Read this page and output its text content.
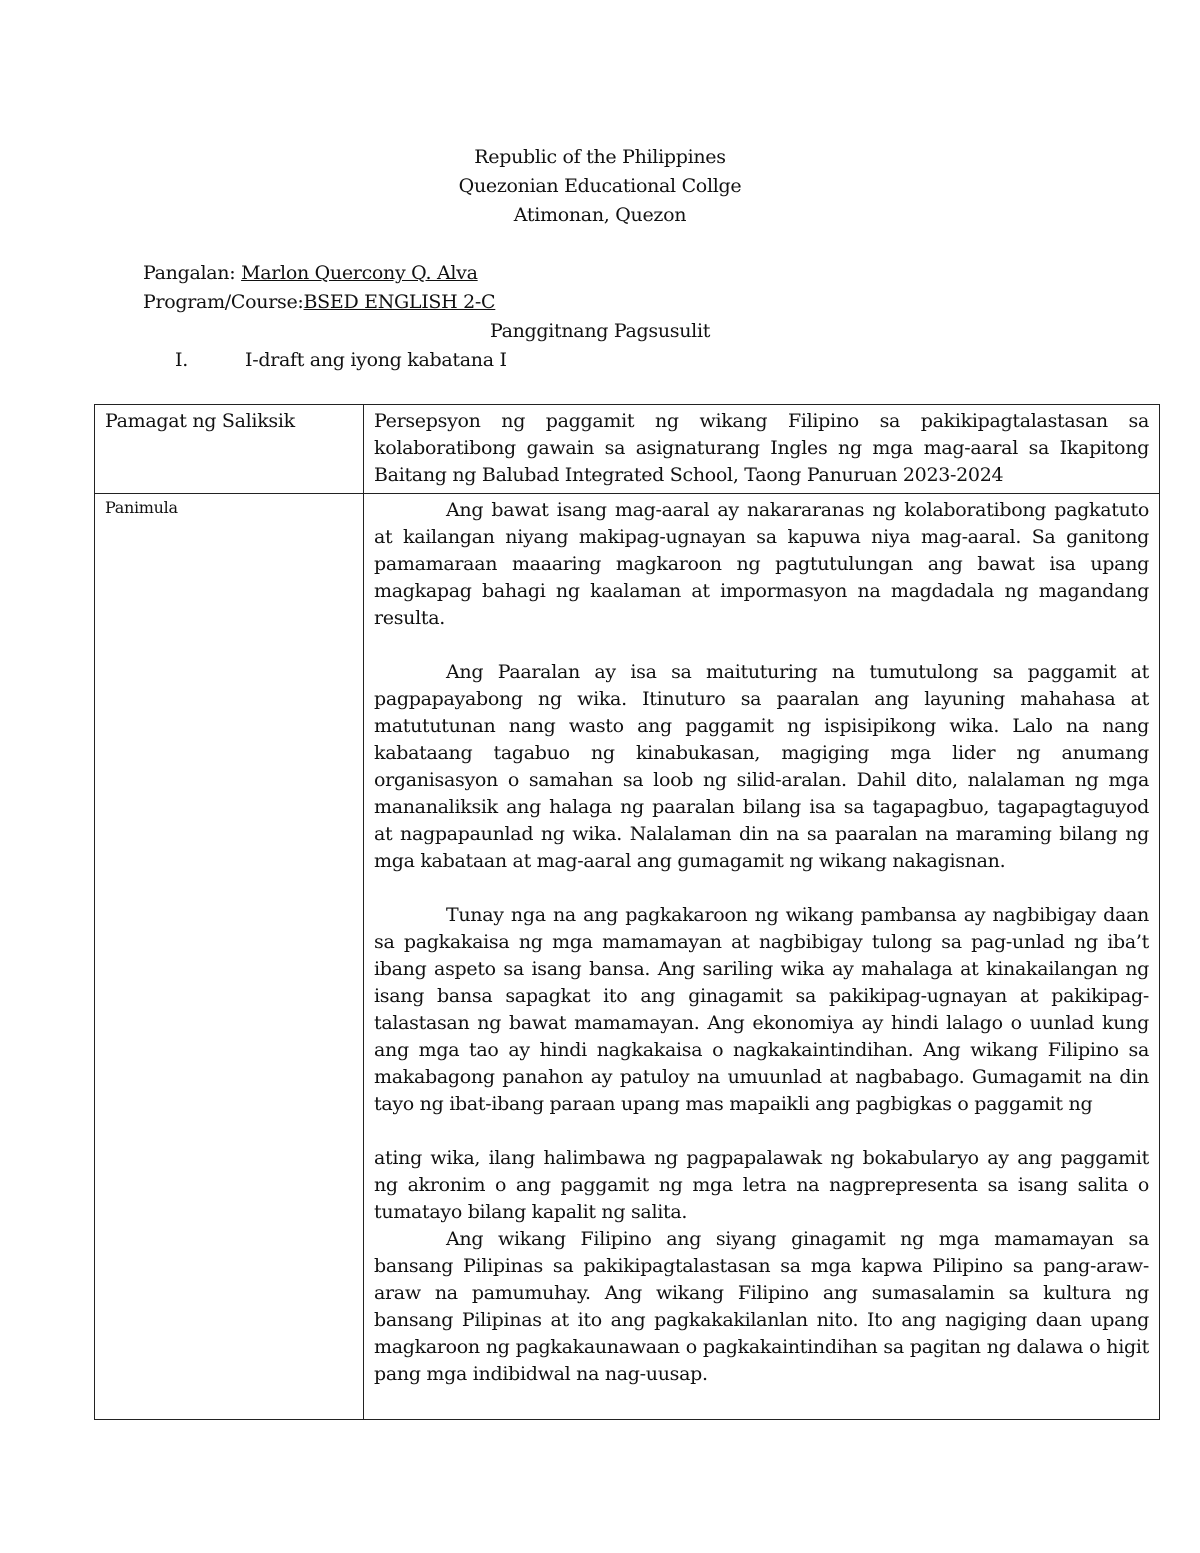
Republic of the Philippines
Quezonian Educational Collge
Atimonan, Quezon
Pangalan: Marlon Quercony Q. Alva
Program/Course:BSED ENGLISH 2-C
Panggitnang Pagsusulit
I.	I-draft ang iyong kabatana I
Pamagat ng Saliksik	Persepsyon ng paggamit ng wikang Filipino sa pakikipagtalastasan sa kolaboratibong gawain sa asignaturang Ingles ng mga mag-aaral sa Ikapitong Baitang ng Balubad Integrated School, Taong Panuruan 2023-2024

Panimula	Ang bawat isang mag-aaral ay nakararanas ng kolaboratibong pagkatuto at kailangan niyang makipag-ugnayan sa kapuwa niya mag-aaral. Sa ganitong pamamaraan maaaring magkaroon ng pagtutulungan ang bawat isa upang magkapag bahagi ng kaalaman at impormasyon na magdadala ng magandang resulta.

Ang Paaralan ay isa sa maituturing na tumutulong sa paggamit at pagpapayabong ng wika. Itinuturo sa paaralan ang layuning mahahasa at matututunan nang wasto ang paggamit ng ispisipikong wika. Lalo na nang kabataang tagabuo ng kinabukasan, magiging mga lider ng anumang organisasyon o samahan sa loob ng silid-aralan. Dahil dito, nalalaman ng mga mananaliksik ang halaga ng paaralan bilang isa sa tagapagbuo, tagapagtaguyod at nagpapaunlad ng wika. Nalalaman din na sa paaralan na maraming bilang ng mga kabataan at mag-aaral ang gumagamit ng wikang nakagisnan.

Tunay nga na ang pagkakaroon ng wikang pambansa ay nagbibigay daan sa pagkakaisa ng mga mamamayan at nagbibigay tulong sa pag-unlad ng iba’t ibang aspeto sa isang bansa. Ang sariling wika ay mahalaga at kinakailangan ng isang bansa sapagkat ito ang ginagamit sa pakikipag-ugnayan at pakikipag-talastasan ng bawat mamamayan. Ang ekonomiya ay hindi lalago o uunlad kung ang mga tao ay hindi nagkakaisa o nagkakaintindihan. Ang wikang Filipino sa makabagong panahon ay patuloy na umuunlad at nagbabago. Gumagamit na din tayo ng ibat-ibang paraan upang mas mapaikli ang pagbigkas o paggamit ng

ating wika, ilang halimbawa ng pagpapalawak ng bokabularyo ay ang paggamit ng akronim o ang paggamit ng mga letra na nagprepresenta sa isang salita o tumatayo bilang kapalit ng salita.

Ang wikang Filipino ang siyang ginagamit ng mga mamamayan sa bansang Pilipinas sa pakikipagtalastasan sa mga kapwa Pilipino sa pang-araw-araw na pamumuhay. Ang wikang Filipino ang sumasalamin sa kultura ng bansang Pilipinas at ito ang pagkakakilanlan nito. Ito ang nagiging daan upang magkaroon ng pagkakaunawaan o pagkakaintindihan sa pagitan ng dalawa o higit pang mga indibidwal na nag-uusap.
